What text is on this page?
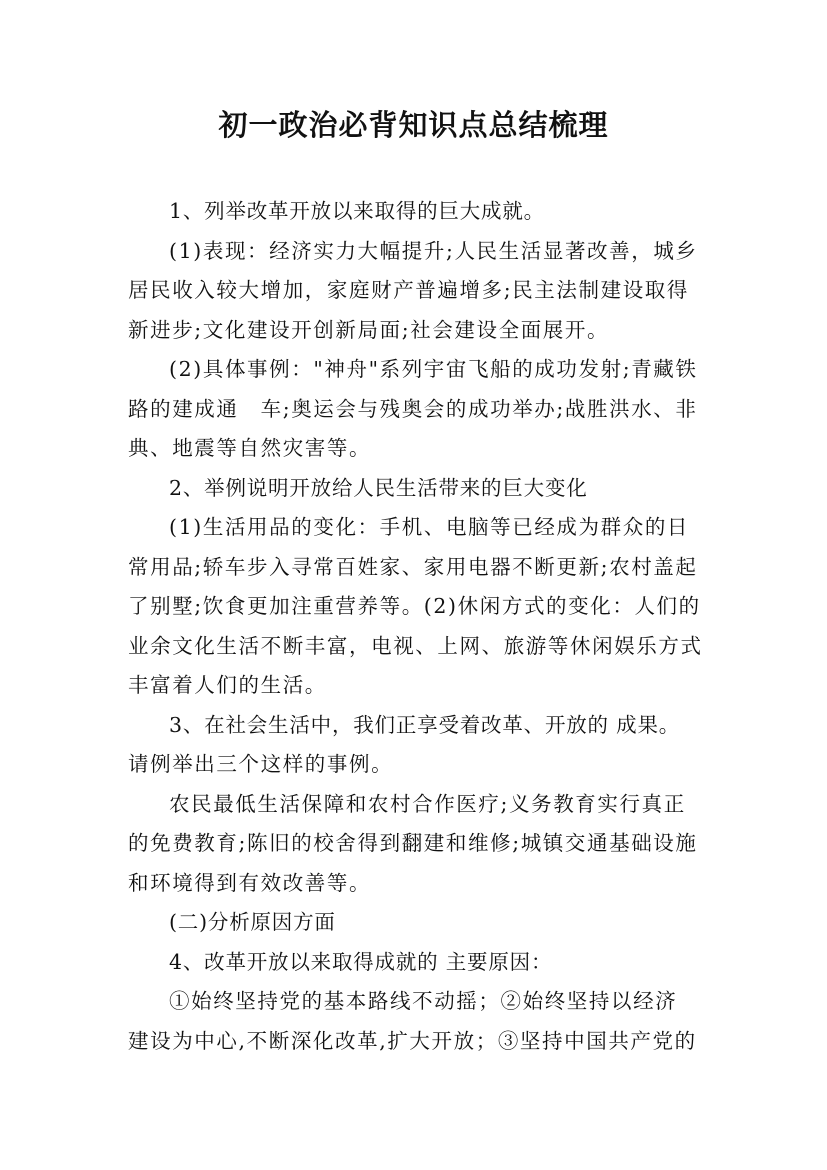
初一政治必背知识点总结梳理
1、列举改革开放以来取得的巨大成就。
(1)表现：经济实力大幅提升;人民生活显著改善，城乡
居民收入较大增加，家庭财产普遍增多;民主法制建设取得
新进步;文化建设开创新局面;社会建设全面展开。
(2)具体事例："神舟"系列宇宙飞船的成功发射;青藏铁
路的建成通　车;奥运会与残奥会的成功举办;战胜洪水、非
典、地震等自然灾害等。
2、举例说明开放给人民生活带来的巨大变化
(1)生活用品的变化：手机、电脑等已经成为群众的日
常用品;轿车步入寻常百姓家、家用电器不断更新;农村盖起
了别墅;饮食更加注重营养等。(2)休闲方式的变化：人们的
业余文化生活不断丰富，电视、上网、旅游等休闲娱乐方式
丰富着人们的生活。
3、在社会生活中，我们正享受着改革、开放的 成果。
请例举出三个这样的事例。
农民最低生活保障和农村合作医疗;义务教育实行真正
的免费教育;陈旧的校舍得到翻建和维修;城镇交通基础设施
和环境得到有效改善等。
(二)分析原因方面
4、改革开放以来取得成就的 主要原因：
①始终坚持党的基本路线不动摇；②始终坚持以经济
建设为中心,不断深化改革,扩大开放；③坚持中国共产党的
